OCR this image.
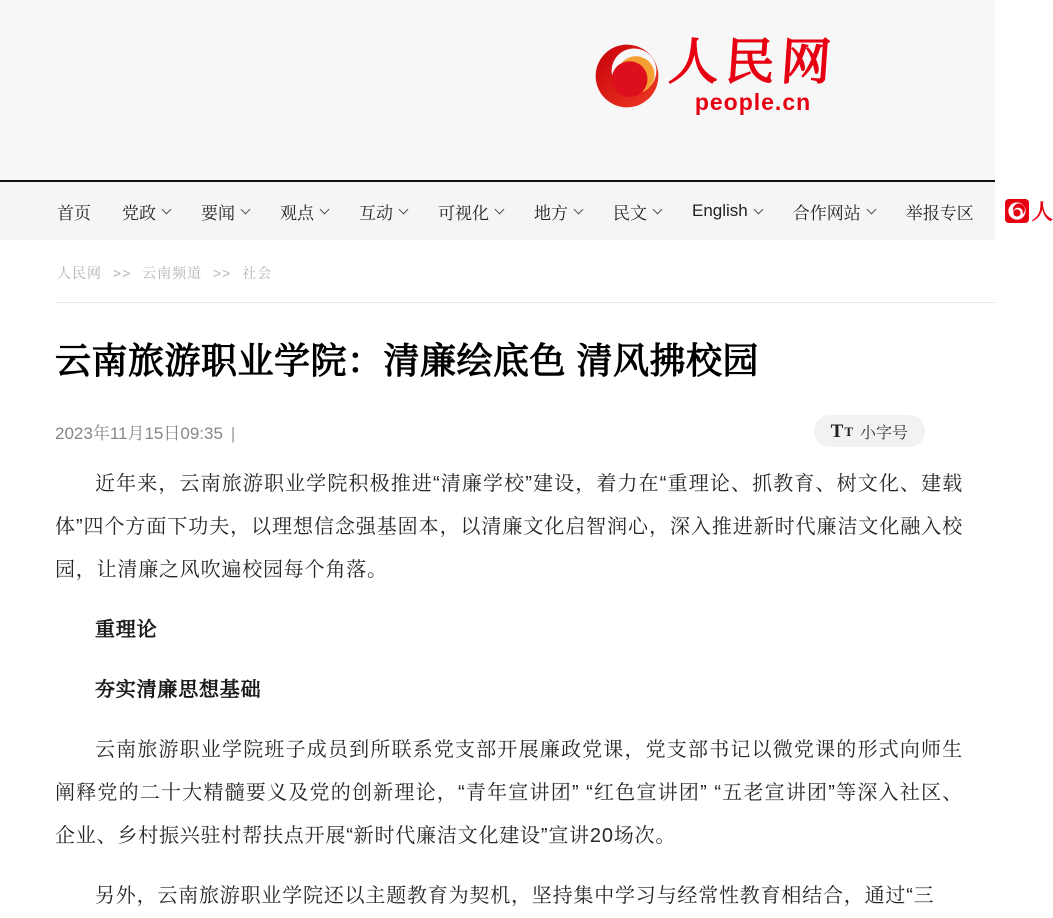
人民网
people.cn
首页 党政	要闻	观点	互动	可视化	地方	民文	English	合作网站	举报专区	人
人民网 >> 云南频道 >> 社会
云南旅游职业学院：清廉绘底色 清风拂校园
2023年11月15日09:35 |	T T 小字号

近年来，云南旅游职业学院积极推进“清廉学校”建设，着力在“重理论、抓教育、树文化、建载体”四个方面下功夫，以理想信念强基固本，以清廉文化启智润心，深入推进新时代廉洁文化融入校园，让清廉之风吹遍校园每个角落。

重理论
夯实清廉思想基础

云南旅游职业学院班子成员到所联系党支部开展廉政党课，党支部书记以微党课的形式向师生阐释党的二十大精髓要义及党的创新理论，“青年宣讲团” “红色宣讲团” “五老宣讲团”等深入社区、企业、乡村振兴驻村帮扶点开展“新时代廉洁文化建设”宣讲20场次。

另外，云南旅游职业学院还以主题教育为契机，坚持集中学习与经常性教育相结合，通过“三
